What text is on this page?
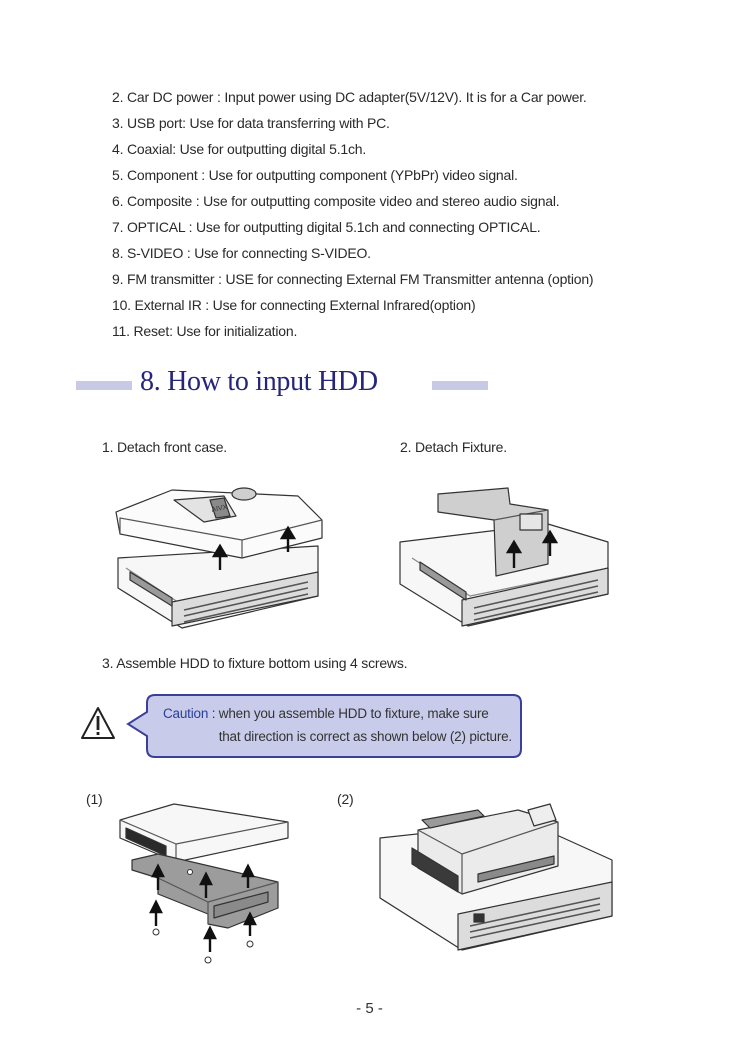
2. Car DC power : Input power using DC adapter(5V/12V). It is for a Car power.
3. USB port: Use for data transferring with PC.
4. Coaxial: Use for outputting digital 5.1ch.
5. Component : Use for outputting component (YPbPr) video signal.
6. Composite : Use for outputting composite video and stereo audio signal.
7. OPTICAL : Use for outputting digital 5.1ch and connecting OPTICAL.
8. S-VIDEO : Use for connecting S-VIDEO.
9. FM transmitter : USE for connecting External FM Transmitter antenna (option)
10. External IR : Use for connecting External Infrared(option)
11. Reset: Use for initialization.
8. How to input HDD
1. Detach front case.	2. Detach Fixture.
AIVX
3. Assemble HDD to fixture bottom using 4 screws.
Caution : when you assemble HDD to fixture, make sure
that direction is correct as shown below (2) picture.
(1)	(2)
- 5 -
